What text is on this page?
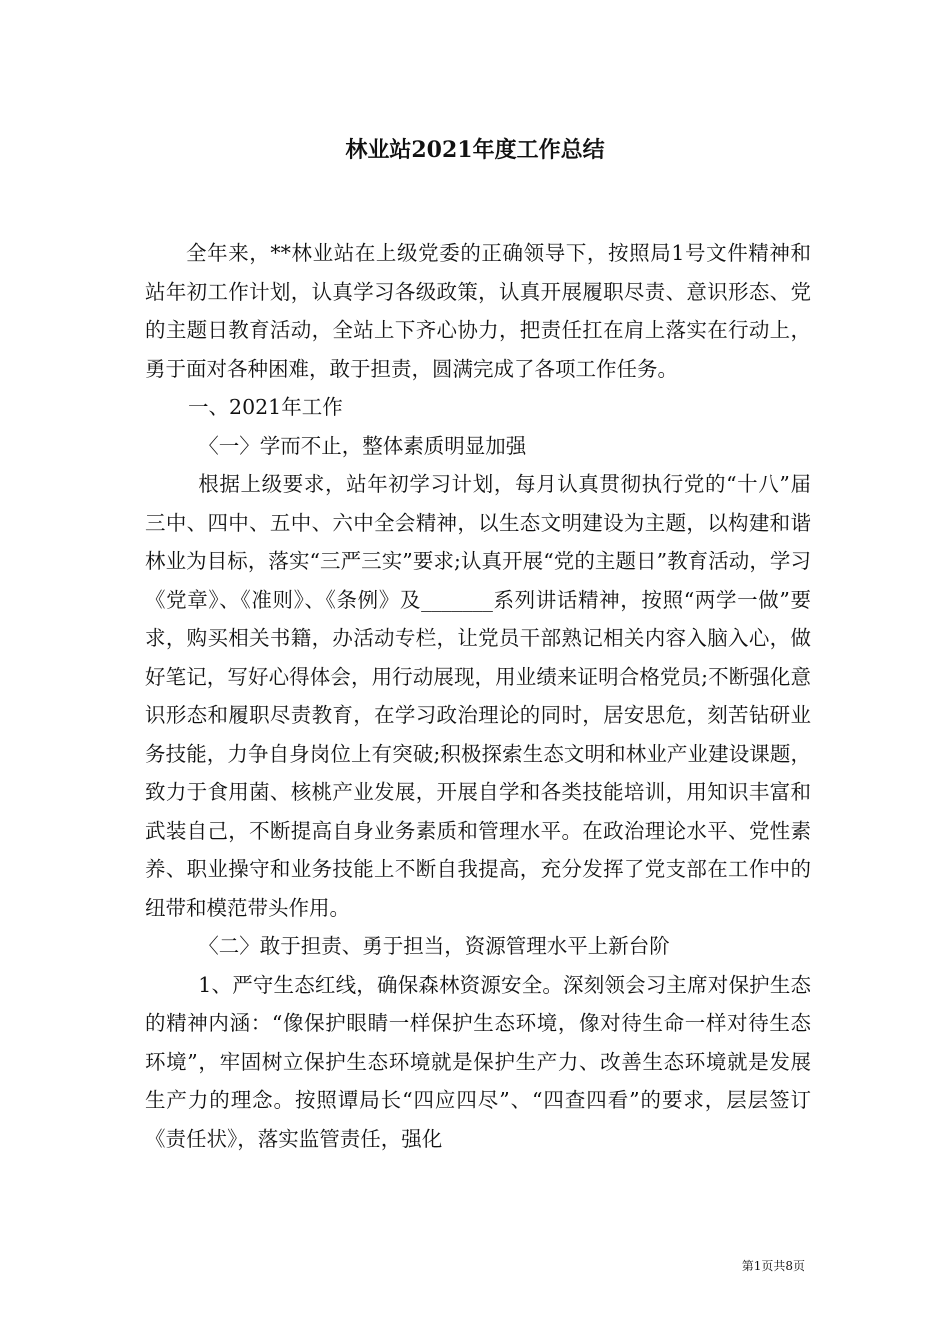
林业站2021年度工作总结

全年来，**林业站在上级党委的正确领导下，按照局1号文件精神和站年初工作计划，认真学习各级政策，认真开展履职尽责、意识形态、党的主题日教育活动，全站上下齐心协力，把责任扛在肩上落实在行动上，勇于面对各种困难，敢于担责，圆满完成了各项工作任务。

一、2021年工作

〈一〉学而不止，整体素质明显加强

根据上级要求，站年初学习计划，每月认真贯彻执行党的“十八”届三中、四中、五中、六中全会精神，以生态文明建设为主题，以构建和谐林业为目标，落实“三严三实”要求;认真开展“党的主题日”教育活动，学习《党章》、《准则》、《条例》及_______系列讲话精神，按照“两学一做”要求，购买相关书籍，办活动专栏，让党员干部熟记相关内容入脑入心，做好笔记，写好心得体会，用行动展现，用业绩来证明合格党员;不断强化意识形态和履职尽责教育，在学习政治理论的同时，居安思危，刻苦钻研业务技能，力争自身岗位上有突破;积极探索生态文明和林业产业建设课题，致力于食用菌、核桃产业发展，开展自学和各类技能培训，用知识丰富和武装自己，不断提高自身业务素质和管理水平。在政治理论水平、党性素养、职业操守和业务技能上不断自我提高，充分发挥了党支部在工作中的纽带和模范带头作用。

〈二〉敢于担责、勇于担当，资源管理水平上新台阶

1、严守生态红线，确保森林资源安全。深刻领会习主席对保护生态的精神内涵：“像保护眼睛一样保护生态环境，像对待生命一样对待生态环境”，牢固树立保护生态环境就是保护生产力、改善生态环境就是发展生产力的理念。按照谭局长“四应四尽”、“四查四看”的要求，层层签订《责任状》，落实监管责任，强化

第1页共8页
